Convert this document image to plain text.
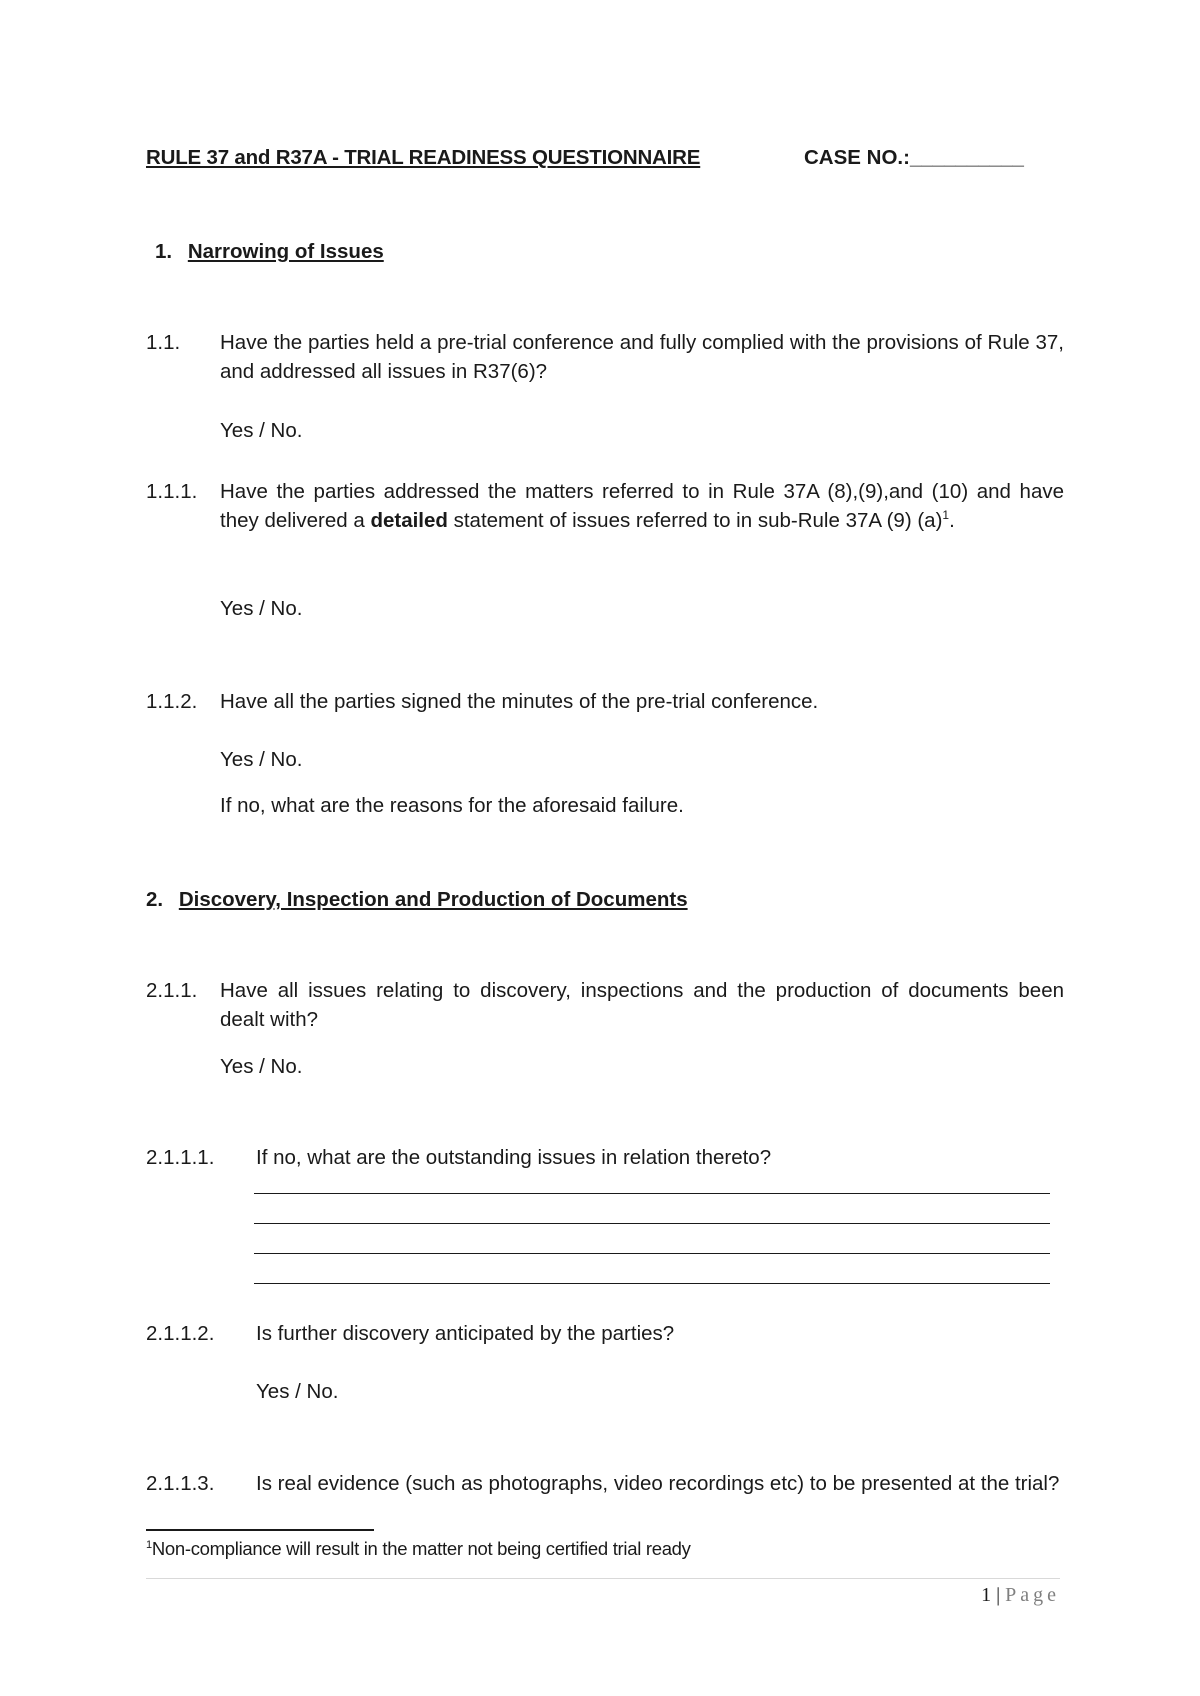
RULE 37 and R37A - TRIAL READINESS QUESTIONNAIRE	CASE NO.:__________
1. Narrowing of Issues
1.1.	Have the parties held a pre-trial conference and fully complied with the provisions of Rule 37, and addressed all issues in R37(6)?
Yes / No.
1.1.1.	Have the parties addressed the matters referred to in Rule 37A (8),(9),and (10) and have they delivered a detailed statement of issues referred to in sub-Rule 37A (9) (a)$^1$.
Yes / No.
1.1.2.	Have all the parties signed the minutes of the pre-trial conference.
Yes / No.
If no, what are the reasons for the aforesaid failure.
2. Discovery, Inspection and Production of Documents
2.1.1.	Have all issues relating to discovery, inspections and the production of documents been dealt with?
Yes / No.
2.1.1.1.	If no, what are the outstanding issues in relation thereto?
2.1.1.2.	Is further discovery anticipated by the parties?
Yes / No.
2.1.1.3.	Is real evidence (such as photographs, video recordings etc) to be presented at the trial?
$^1$Non-compliance will result in the matter not being certified trial ready
1 | Page
